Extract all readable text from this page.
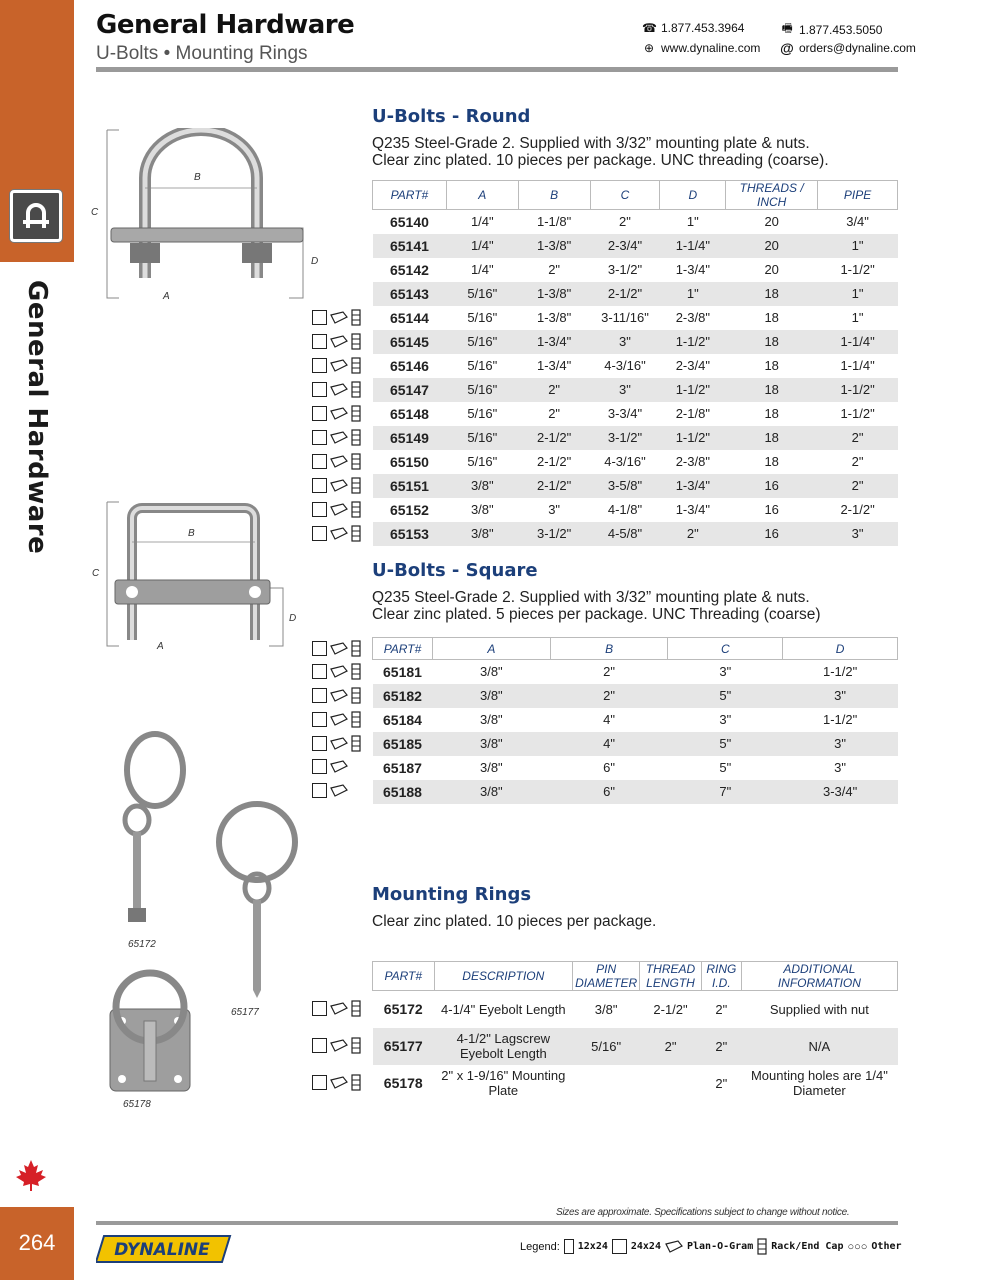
General Hardware
264
General Hardware
U-Bolts • Mounting Rings
☎ 1.877.453.3964	🖷 1.877.453.5050
⊕ www.dynaline.com @ orders@dynaline.com
B
C
D
A
B
C
D
A
65172
65177
65178
U-Bolts - Round
Q235 Steel-Grade 2. Supplied with 3/32” mounting plate & nuts.
Clear zinc plated. 10 pieces per package. UNC threading (coarse).
PART#	A	B	C	D	THREADS / INCH	PIPE
65140	1/4"	1-1/8"	2"	1"	20	3/4"
65141	1/4"	1-3/8"	2-3/4"	1-1/4"	20	1"
65142	1/4"	2"	3-1/2"	1-3/4"	20	1-1/2"
65143	5/16"	1-3/8"	2-1/2"	1"	18	1"
65144	5/16"	1-3/8"	3-11/16"	2-3/8"	18	1"
65145	5/16"	1-3/4"	3"	1-1/2"	18	1-1/4"
65146	5/16"	1-3/4"	4-3/16"	2-3/4"	18	1-1/4"
65147	5/16"	2"	3"	1-1/2"	18	1-1/2"
65148	5/16"	2"	3-3/4"	2-1/8"	18	1-1/2"
65149	5/16"	2-1/2"	3-1/2"	1-1/2"	18	2"
65150	5/16"	2-1/2"	4-3/16"	2-3/8"	18	2"
65151	3/8"	2-1/2"	3-5/8"	1-3/4"	16	2"
65152	3/8"	3"	4-1/8"	1-3/4"	16	2-1/2"
65153	3/8"	3-1/2"	4-5/8"	2"	16	3"
U-Bolts - Square
Q235 Steel-Grade 2. Supplied with 3/32” mounting plate & nuts.
Clear zinc plated. 5 pieces per package. UNC Threading (coarse)
PART#	A	B	C	D
65181	3/8"	2"	3"	1-1/2"
65182	3/8"	2"	5"	3"
65184	3/8"	4"	3"	1-1/2"
65185	3/8"	4"	5"	3"
65187	3/8"	6"	5"	3"
65188	3/8"	6"	7"	3-3/4"
Mounting Rings
Clear zinc plated. 10 pieces per package.
PART#	DESCRIPTION	PIN DIAMETER	THREAD LENGTH	RING I.D.	ADDITIONAL INFORMATION
65172	4-1/4" Eyebolt Length	3/8"	2-1/2"	2"	Supplied with nut
65177	4-1/2" Lagscrew Eyebolt Length	5/16"	2"	2"	N/A
65178	2" x 1-9/16" Mounting Plate			2"	Mounting holes are 1/4" Diameter
Sizes are approximate. Specifications subject to change without notice.
DYNALINE	Legend: 12x24 24x24	Plan-O-Gram Rack/End Cap ○○○ Other
